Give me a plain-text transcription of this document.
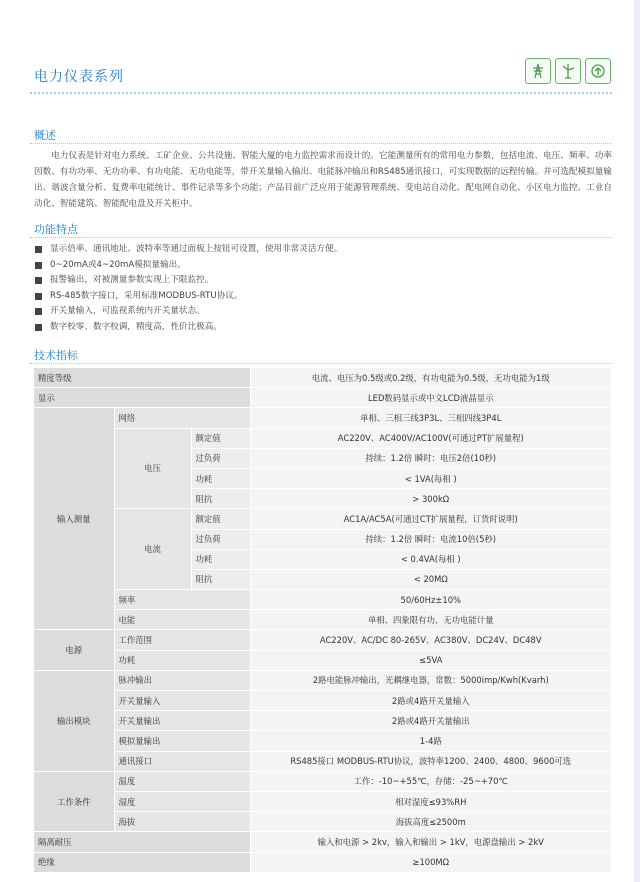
电力仪表系列
概述
电力仪表是针对电力系统、工矿企业、公共设施、智能大厦的电力监控需求而设计的。它能测量所有的常用电力参数，包括电流、电压、频率、功率因数、有功功率、无功功率、有功电能、无功电能等，带开关量输入输出、电能脉冲输出和RS485通讯接口，可实现数据的远程传输。并可选配模拟量输出、谐波含量分析、复费率电能统计、事件记录等多个功能；产品目前广泛应用于能源管理系统、变电站自动化、配电网自动化、小区电力监控、工业自动化、智能建筑、智能配电盘及开关柜中。
功能特点
显示倍率、通讯地址、波特率等通过面板上按钮可设置，使用非常灵活方便。
0~20mA或4~20mA模拟量输出。
报警输出，对被测量参数实现上下限监控。
RS-485数字接口，采用标准MODBUS-RTU协议。
开关量输入，可监视系统内开关量状态。
数字校零、数字校调，精度高，性价比极高。
技术指标
精度等级			电流、电压为0.5级或0.2级，有功电能为0.5级，无功电能为1级
显示			LED数码显示或中文LCD液晶显示
输入测量	网络		单相、三相三线3P3L、三相四线3P4L
	电压	额定值	AC220V、AC400V/AC100V(可通过PT扩展量程)
		过负荷	持续：1.2倍 瞬时：电压2倍(10秒)
		功耗	< 1VA(每相 )
		阻抗	> 300kΩ
	电流	额定值	AC1A/AC5A(可通过CT扩展量程，订货时说明)
		过负荷	持续：1.2倍 瞬时：电流10倍(5秒)
		功耗	< 0.4VA(每相 )
		阻抗	< 20MΩ
	频率		50/60Hz±10%
	电能		单相、四象限有功、无功电能计量
电源	工作范围		AC220V、AC/DC 80-265V、AC380V、DC24V、DC48V
	功耗		≤5VA
输出模块	脉冲输出		2路电能脉冲输出，光耦继电器，常数：5000imp/Kwh(Kvarh)
	开关量输入		2路或4路开关量输入
	开关量输出		2路或4路开关量输出
	模拟量输出		1-4路
	通讯接口		RS485接口 MODBUS-RTU协议，波特率1200、2400、4800、9600可选
工作条件	温度		工作：-10~+55℃，存储：-25~+70℃
	湿度		相对湿度≤93%RH
	海拔		海拔高度≤2500m
隔离耐压			输入和电源 > 2kv，输入和输出 > 1kV，电源盘输出 > 2kV
绝缘			≥100MΩ
